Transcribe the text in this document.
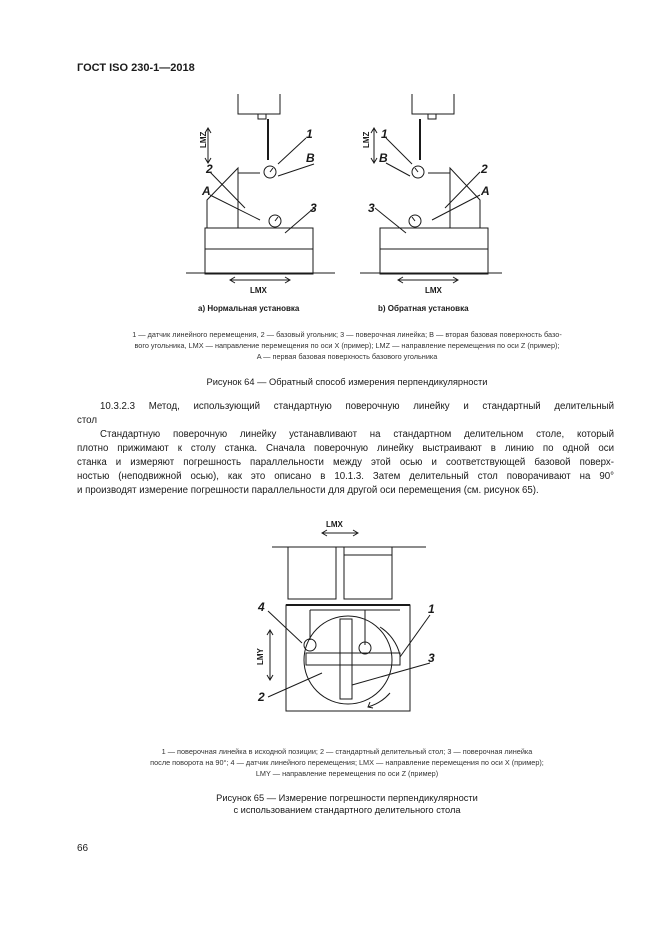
ГОСТ ISO 230-1—2018
1
B
2
A
3
LMX
LMZ	1
B
2
A
3
LMX
LMZ
a) Нормальная установка	b) Обратная установка
1 — датчик линейного перемещения, 2 — базовый угольник; 3 — поверочная линейка; B — вторая базовая поверхность базо-
вого угольника, LMX — направление перемещения по оси X (пример); LMZ — направление перемещения по оси Z (пример);
A — первая базовая поверхность базового угольника
Рисунок 64 — Обратный способ измерения перпендикулярности
10.3.2.3 Метод, использующий стандартную поверочную линейку и стандартный делительный
стол
Стандартную поверочную линейку устанавливают на стандартном делительном столе, который
плотно прижимают к столу станка. Сначала поверочную линейку выстраивают в линию по одной оси
станка и измеряют погрешность параллельности между этой осью и соответствующей базовой поверх-
ностью (неподвижной осью), как это описано в 10.1.3. Затем делительный стол поворачивают на 90°
и производят измерение погрешности параллельности для другой оси перемещения (см. рисунок 65).
4	1
3
2
LMX
LMY
1 — поверочная линейка в исходной позиции; 2 — стандартный делительный стол; 3 — поверочная линейка
после поворота на 90°; 4 — датчик линейного перемещения; LMX — направление перемещения по оси X (пример);
LMY — направление перемещения по оси Z (пример)
Рисунок 65 — Измерение погрешности перпендикулярности
с использованием стандартного делительного стола
66
